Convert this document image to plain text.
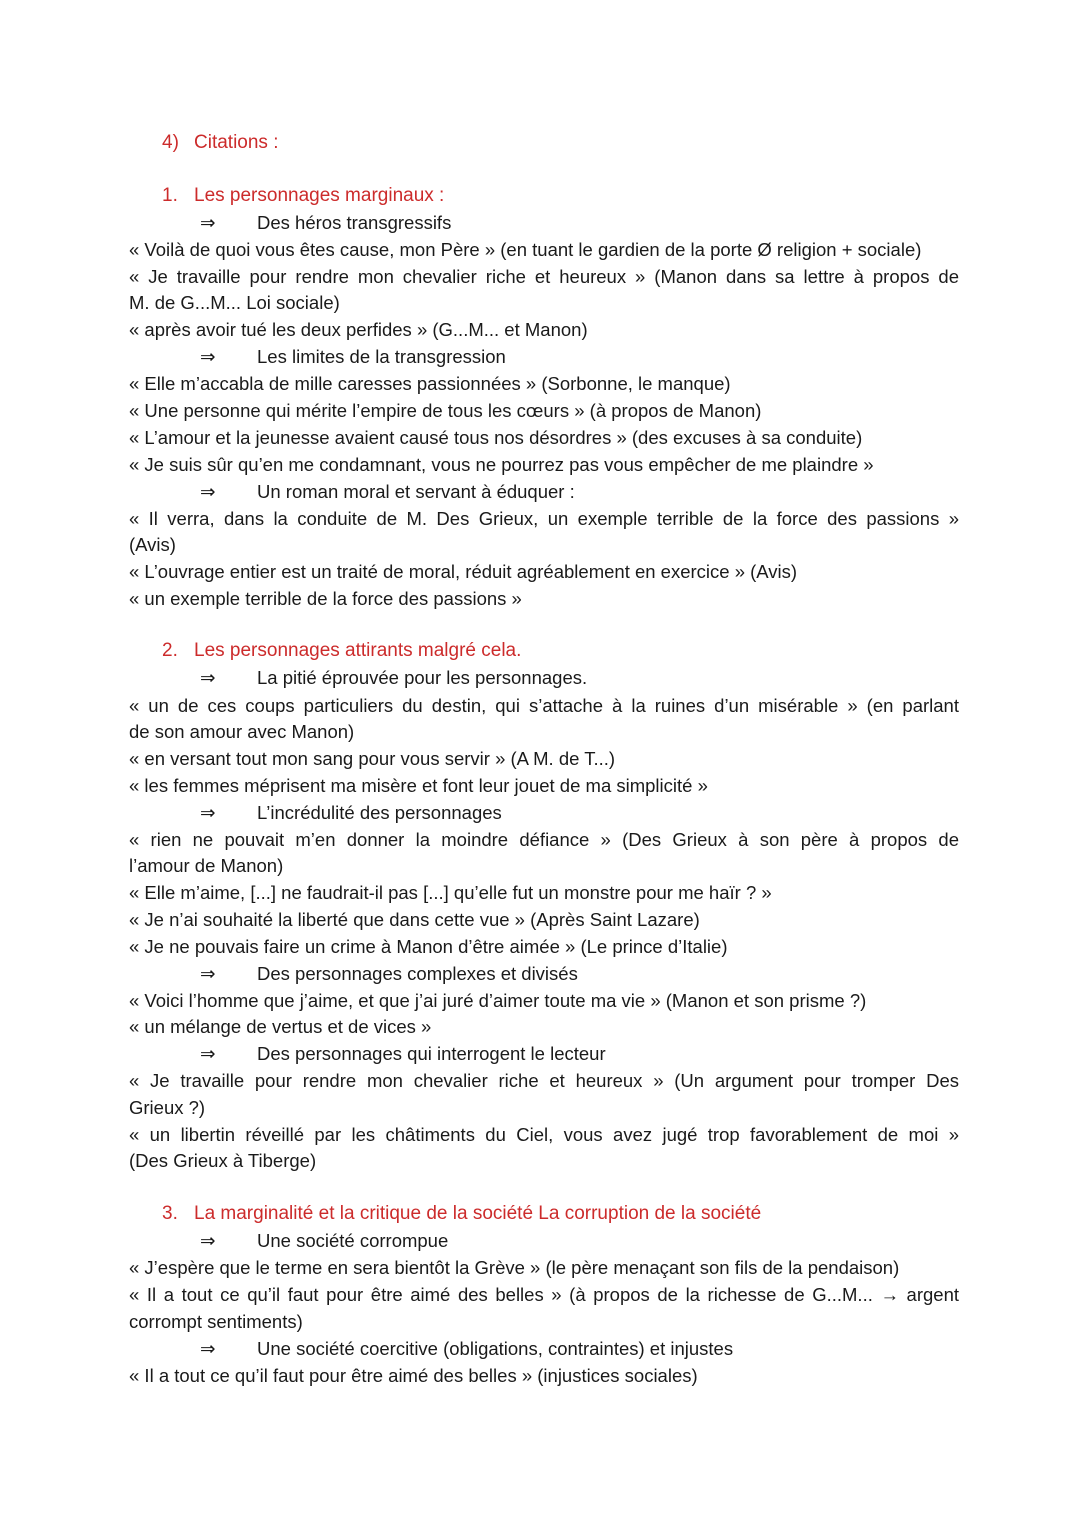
4) Citations :
1. Les personnages marginaux :
⇒ Des héros transgressifs
« Voilà de quoi vous êtes cause, mon Père » (en tuant le gardien de la porte Ø religion + sociale)
« Je travaille pour rendre mon chevalier riche et heureux » (Manon dans sa lettre à propos de
M. de G...M... Loi sociale)
« après avoir tué les deux perfides » (G...M... et Manon)
⇒ Les limites de la transgression
« Elle m’accabla de mille caresses passionnées » (Sorbonne, le manque)
« Une personne qui mérite l’empire de tous les cœurs » (à propos de Manon)
« L’amour et la jeunesse avaient causé tous nos désordres » (des excuses à sa conduite)
« Je suis sûr qu’en me condamnant, vous ne pourrez pas vous empêcher de me plaindre »
⇒ Un roman moral et servant à éduquer :
« Il verra, dans la conduite de M. Des Grieux, un exemple terrible de la force des passions »
(Avis)
« L’ouvrage entier est un traité de moral, réduit agréablement en exercice » (Avis)
« un exemple terrible de la force des passions »
2. Les personnages attirants malgré cela.
⇒ La pitié éprouvée pour les personnages.
« un de ces coups particuliers du destin, qui s’attache à la ruines d’un misérable » (en parlant
de son amour avec Manon)
« en versant tout mon sang pour vous servir » (A M. de T...)
« les femmes méprisent ma misère et font leur jouet de ma simplicité »
⇒ L’incrédulité des personnages
« rien ne pouvait m’en donner la moindre défiance » (Des Grieux à son père à propos de
l’amour de Manon)
« Elle m’aime, [...] ne faudrait-il pas [...] qu’elle fut un monstre pour me haïr ? »
« Je n’ai souhaité la liberté que dans cette vue » (Après Saint Lazare)
« Je ne pouvais faire un crime à Manon d’être aimée » (Le prince d’Italie)
⇒ Des personnages complexes et divisés
« Voici l’homme que j’aime, et que j’ai juré d’aimer toute ma vie » (Manon et son prisme ?)
« un mélange de vertus et de vices »
⇒ Des personnages qui interrogent le lecteur
« Je travaille pour rendre mon chevalier riche et heureux » (Un argument pour tromper Des
Grieux ?)
« un libertin réveillé par les châtiments du Ciel, vous avez jugé trop favorablement de moi »
(Des Grieux à Tiberge)
3. La marginalité et la critique de la société La corruption de la société
⇒ Une société corrompue
« J’espère que le terme en sera bientôt la Grève » (le père menaçant son fils de la pendaison)
« Il a tout ce qu’il faut pour être aimé des belles » (à propos de la richesse de G...M... → argent
corrompt sentiments)
⇒ Une société coercitive (obligations, contraintes) et injustes
« Il a tout ce qu’il faut pour être aimé des belles » (injustices sociales)
